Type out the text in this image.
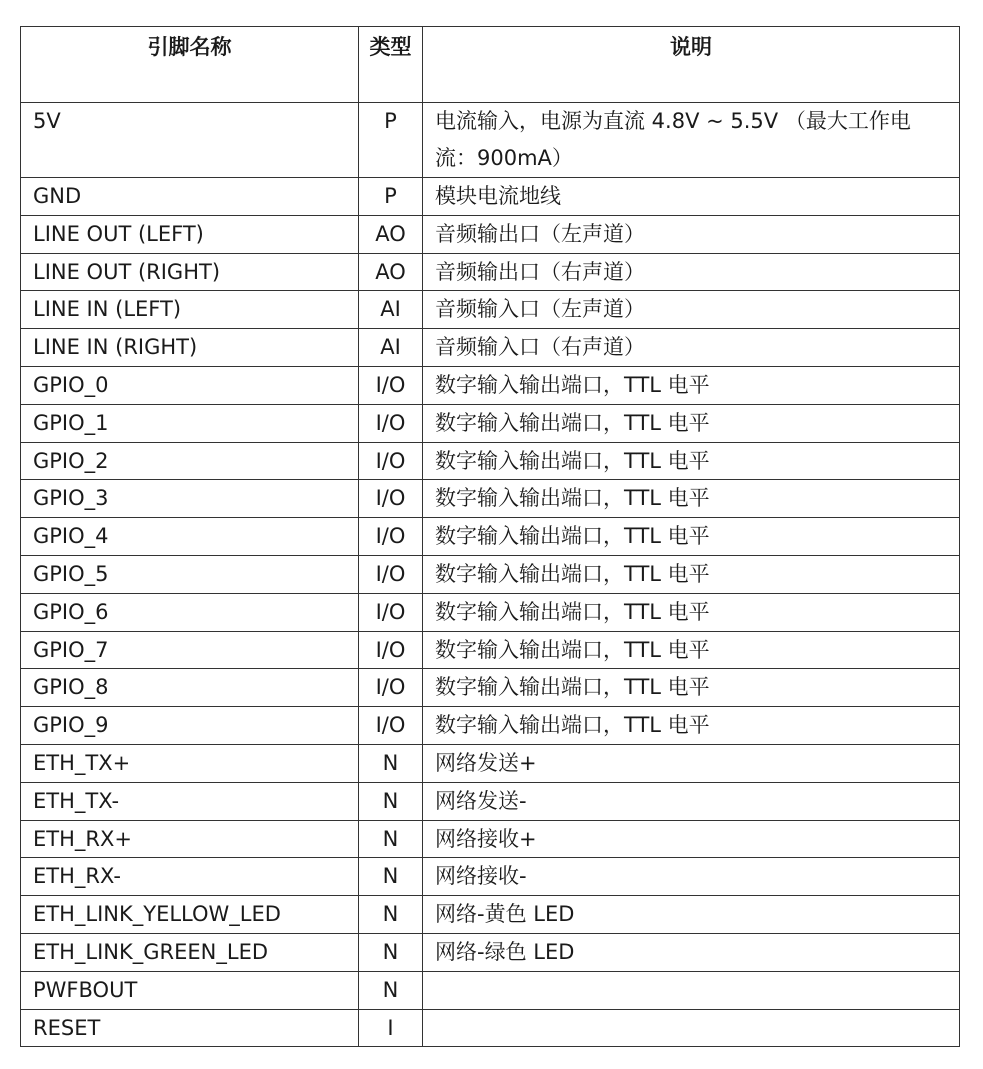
引脚名称	类型	说明
5V	P	电流输入，电源为直流 4.8V ~ 5.5V （最大工作电流：900mA）
GND	P	模块电流地线
LINE OUT (LEFT)	AO	音频输出口（左声道）
LINE OUT (RIGHT)	AO	音频输出口（右声道）
LINE IN (LEFT)	AI	音频输入口（左声道）
LINE IN (RIGHT)	AI	音频输入口（右声道）
GPIO_0	I/O	数字输入输出端口，TTL 电平
GPIO_1	I/O	数字输入输出端口，TTL 电平
GPIO_2	I/O	数字输入输出端口，TTL 电平
GPIO_3	I/O	数字输入输出端口，TTL 电平
GPIO_4	I/O	数字输入输出端口，TTL 电平
GPIO_5	I/O	数字输入输出端口，TTL 电平
GPIO_6	I/O	数字输入输出端口，TTL 电平
GPIO_7	I/O	数字输入输出端口，TTL 电平
GPIO_8	I/O	数字输入输出端口，TTL 电平
GPIO_9	I/O	数字输入输出端口，TTL 电平
ETH_TX+	N	网络发送+
ETH_TX-	N	网络发送-
ETH_RX+	N	网络接收+
ETH_RX-	N	网络接收-
ETH_LINK_YELLOW_LED	N	网络-黄色 LED
ETH_LINK_GREEN_LED	N	网络-绿色 LED
PWFBOUT	N	
RESET	I	
